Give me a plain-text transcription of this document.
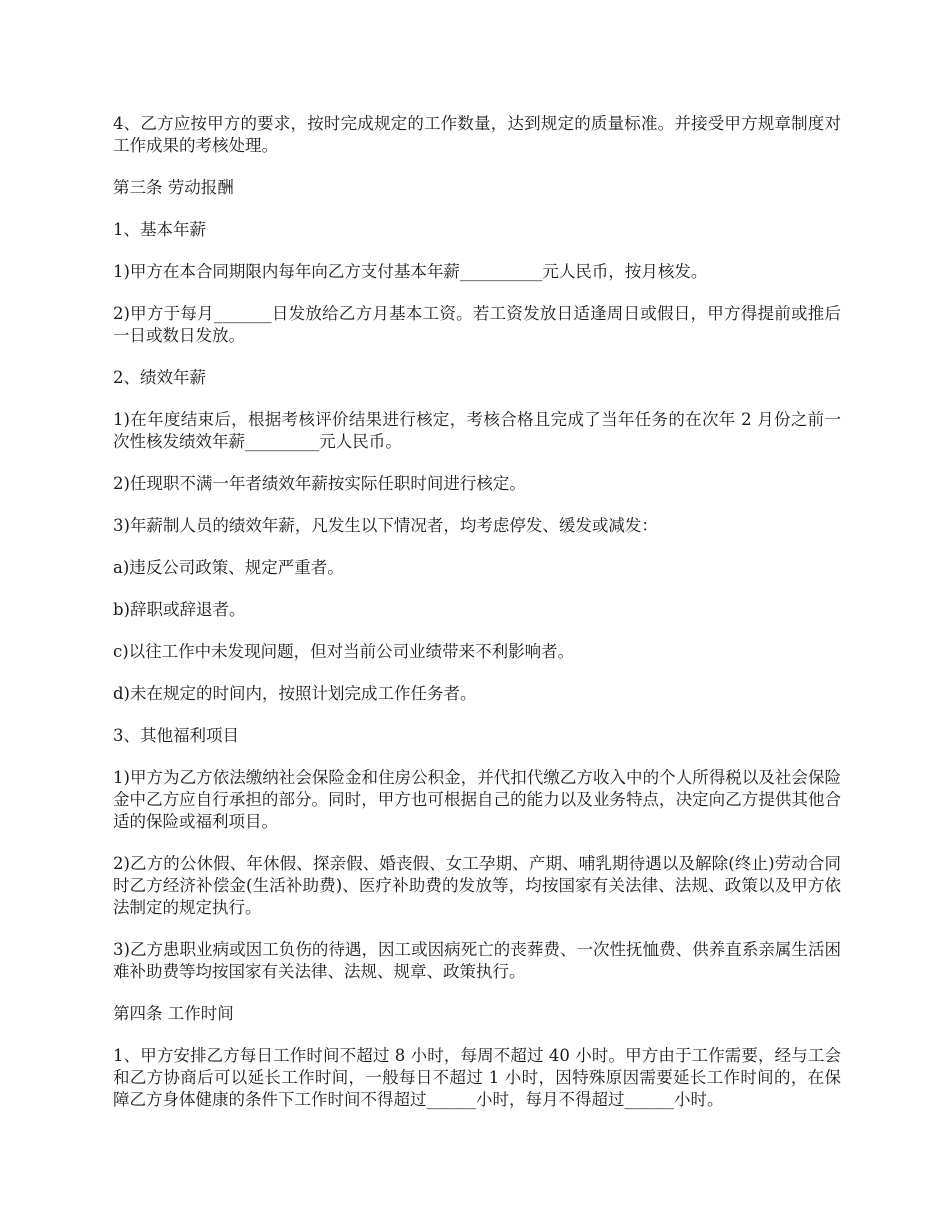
4、乙方应按甲方的要求，按时完成规定的工作数量，达到规定的质量标准。并接受甲方规章制度对工作成果的考核处理。

第三条 劳动报酬

1、基本年薪

1)甲方在本合同期限内每年向乙方支付基本年薪__________元人民币，按月核发。

2)甲方于每月_______日发放给乙方月基本工资。若工资发放日适逢周日或假日，甲方得提前或推后一日或数日发放。

2、绩效年薪

1)在年度结束后，根据考核评价结果进行核定，考核合格且完成了当年任务的在次年 2 月份之前一次性核发绩效年薪_________元人民币。

2)任现职不满一年者绩效年薪按实际任职时间进行核定。

3)年薪制人员的绩效年薪，凡发生以下情况者，均考虑停发、缓发或减发：

a)违反公司政策、规定严重者。

b)辞职或辞退者。

c)以往工作中未发现问题，但对当前公司业绩带来不利影响者。

d)未在规定的时间内，按照计划完成工作任务者。

3、其他福利项目

1)甲方为乙方依法缴纳社会保险金和住房公积金，并代扣代缴乙方收入中的个人所得税以及社会保险金中乙方应自行承担的部分。同时，甲方也可根据自己的能力以及业务特点，决定向乙方提供其他合适的保险或福利项目。

2)乙方的公休假、年休假、探亲假、婚丧假、女工孕期、产期、哺乳期待遇以及解除(终止)劳动合同时乙方经济补偿金(生活补助费)、医疗补助费的发放等，均按国家有关法律、法规、政策以及甲方依法制定的规定执行。

3)乙方患职业病或因工负伤的待遇，因工或因病死亡的丧葬费、一次性抚恤费、供养直系亲属生活困难补助费等均按国家有关法律、法规、规章、政策执行。

第四条 工作时间

1、甲方安排乙方每日工作时间不超过 8 小时，每周不超过 40 小时。甲方由于工作需要，经与工会和乙方协商后可以延长工作时间，一般每日不超过 1 小时，因特殊原因需要延长工作时间的，在保障乙方身体健康的条件下工作时间不得超过______小时，每月不得超过______小时。
